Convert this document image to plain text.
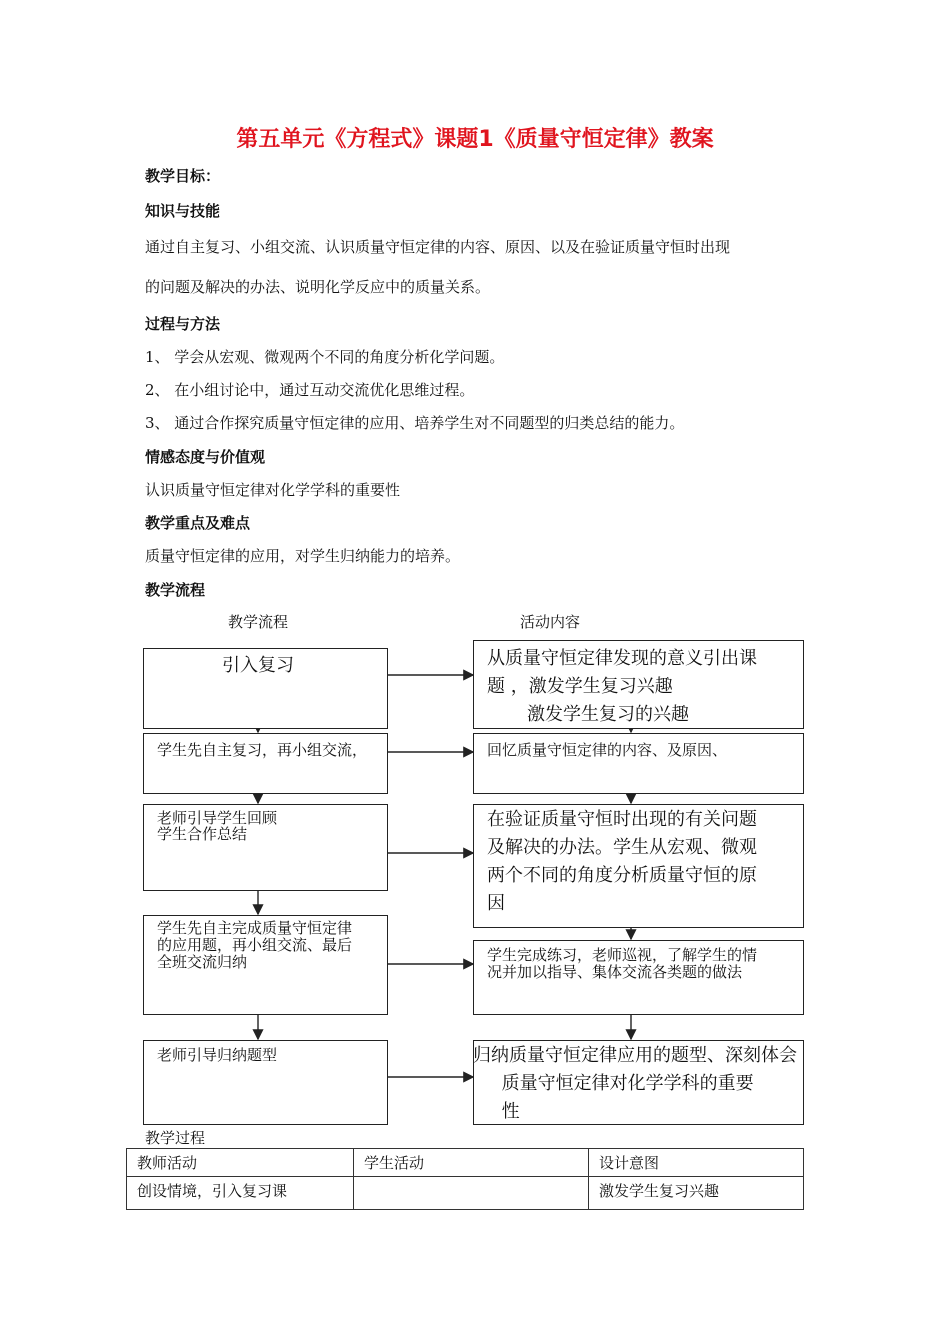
第五单元《方程式》课题1《质量守恒定律》教案
教学目标：
知识与技能
通过自主复习、小组交流、认识质量守恒定律的内容、原因、以及在验证质量守恒时出现
的问题及解决的办法、说明化学反应中的质量关系。
过程与方法
1、 学会从宏观、微观两个不同的角度分析化学问题。
2、 在小组讨论中，通过互动交流优化思维过程。
3、 通过合作探究质量守恒定律的应用、培养学生对不同题型的归类总结的能力。
情感态度与价值观
认识质量守恒定律对化学学科的重要性
教学重点及难点
质量守恒定律的应用，对学生归纳能力的培养。
教学流程
教学流程	活动内容
引入复习
学生先自主复习，再小组交流，
老师引导学生回顾
学生合作总结
学生先自主完成质量守恒定律
的应用题，再小组交流、最后
全班交流归纳
老师引导归纳题型
从质量守恒定律发现的意义引出课
题 ，激发学生复习兴趣
激发学生复习的兴趣
回忆质量守恒定律的内容、及原因、
在验证质量守恒时出现的有关问题
及解决的办法。学生从宏观、微观
两个不同的角度分析质量守恒的原
因
学生完成练习，老师巡视，了解学生的情
况并加以指导、集体交流各类题的做法
归纳质量守恒定律应用的题型、深刻体会
质量守恒定律对化学学科的重要
性
教学过程
教师活动	学生活动	设计意图
创设情境，引入复习课		激发学生复习兴趣
